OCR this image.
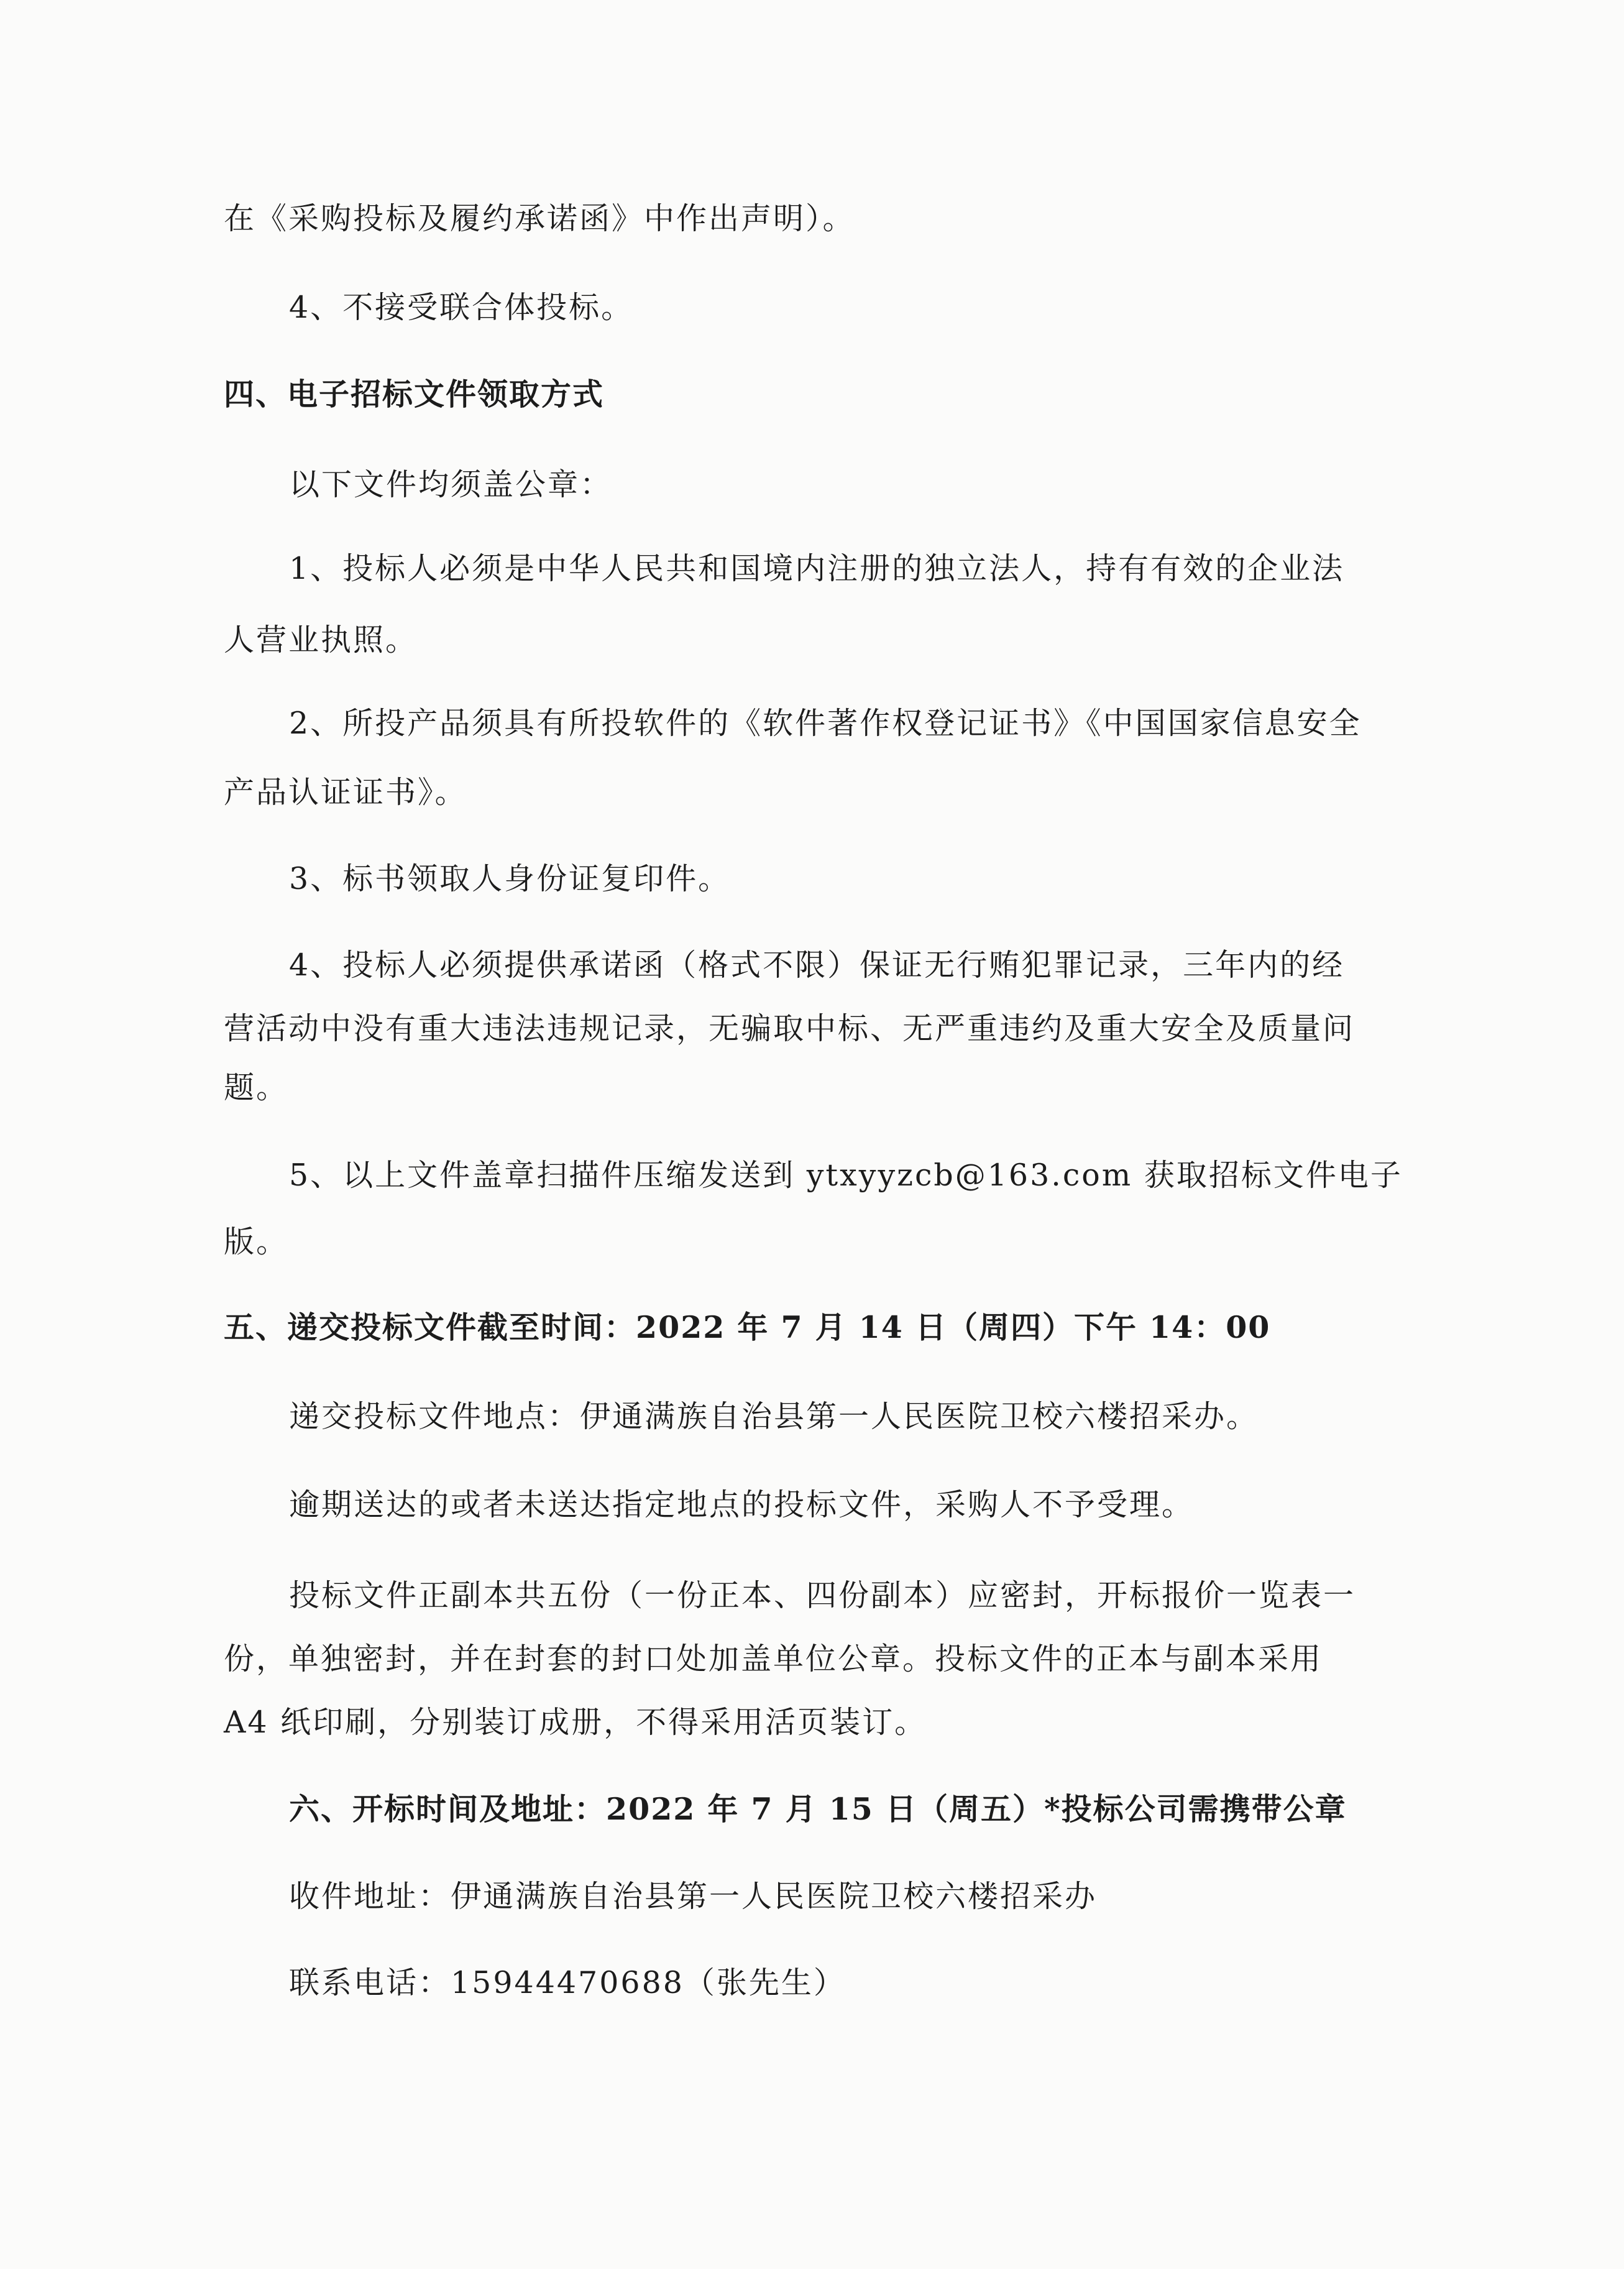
在《采购投标及履约承诺函》中作出声明）。
4、不接受联合体投标。
四、电子招标文件领取方式
以下文件均须盖公章：
1、投标人必须是中华人民共和国境内注册的独立法人，持有有效的企业法
人营业执照。
2、所投产品须具有所投软件的《软件著作权登记证书》《中国国家信息安全
产品认证证书》。
3、标书领取人身份证复印件。
4、投标人必须提供承诺函（格式不限）保证无行贿犯罪记录，三年内的经
营活动中没有重大违法违规记录，无骗取中标、无严重违约及重大安全及质量问
题。
5、以上文件盖章扫描件压缩发送到 ytxyyzcb@163.com 获取招标文件电子
版。
五、递交投标文件截至时间：2022 年 7 月 14 日（周四）下午 14：00
递交投标文件地点：伊通满族自治县第一人民医院卫校六楼招采办。
逾期送达的或者未送达指定地点的投标文件，采购人不予受理。
投标文件正副本共五份（一份正本、四份副本）应密封，开标报价一览表一
份，单独密封，并在封套的封口处加盖单位公章。投标文件的正本与副本采用
A4 纸印刷，分别装订成册，不得采用活页装订。
六、开标时间及地址：2022 年 7 月 15 日（周五）*投标公司需携带公章
收件地址：伊通满族自治县第一人民医院卫校六楼招采办
联系电话：15944470688（张先生）
